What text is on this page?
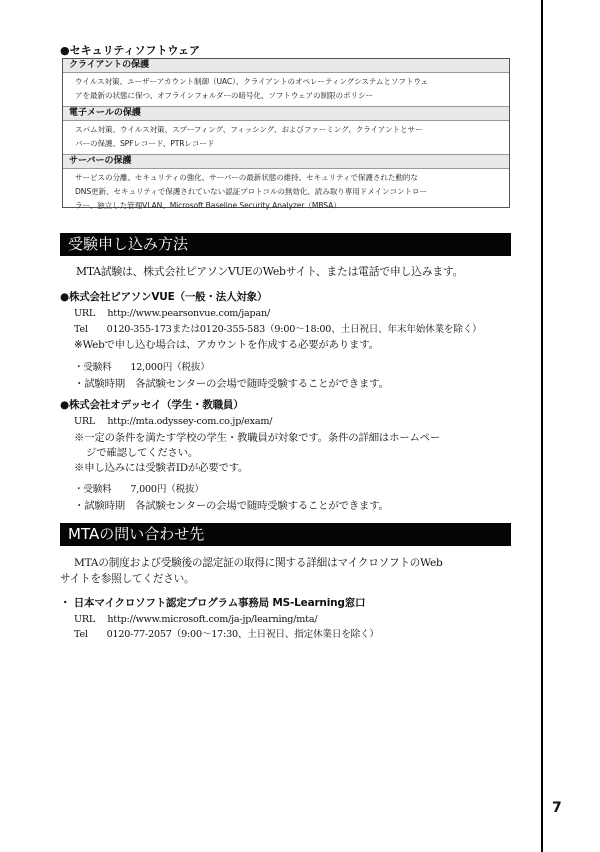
●セキュリティソフトウェア
クライアントの保護
ウイルス対策、ユーザーアカウント制御（UAC）、クライアントのオペレーティングシステムとソフトウェ
アを最新の状態に保つ、オフラインフォルダーの暗号化、ソフトウェアの制限のポリシー
電子メールの保護
スパム対策、ウイルス対策、スプーフィング、フィッシング、およびファーミング、クライアントとサー
バーの保護、SPFレコード、PTRレコード
サーバーの保護
サービスの分離、セキュリティの強化、サーバーの最新状態の維持、セキュリティで保護された動的な
DNS更新、セキュリティで保護されていない認証プロトコルの無効化、読み取り専用ドメインコントロー
ラー、独立した管理VLAN、Microsoft Baseline Security Analyzer（MBSA）
受験申し込み方法
MTA試験は、株式会社ピアソンVUEのWebサイト、または電話で申し込みます。
●株式会社ピアソンVUE（一般・法人対象）
URL　 http://www.pearsonvue.com/japan/
Tel　　0120-355-173または0120-355-583（9:00～18:00、土日祝日、年末年始休業を除く）
※Webで申し込む場合は、アカウントを作成する必要があります。
・受験料　　12,000円（税抜）
・試験時期　各試験センターの会場で随時受験することができます。
●株式会社オデッセイ（学生・教職員）
URL　 http://mta.odyssey-com.co.jp/exam/
※一定の条件を満たす学校の学生・教職員が対象です。条件の詳細はホームペー
ジで確認してください。
※申し込みには受験者IDが必要です。
・受験料　　7,000円（税抜）
・試験時期　各試験センターの会場で随時受験することができます。
MTAの問い合わせ先
MTAの制度および受験後の認定証の取得に関する詳細はマイクロソフトのWeb
サイトを参照してください。
・ 日本マイクロソフト認定プログラム事務局 MS-Learning窓口
URL　 http://www.microsoft.com/ja-jp/learning/mta/
Tel　　0120-77-2057（9:00～17:30、土日祝日、指定休業日を除く）
7
